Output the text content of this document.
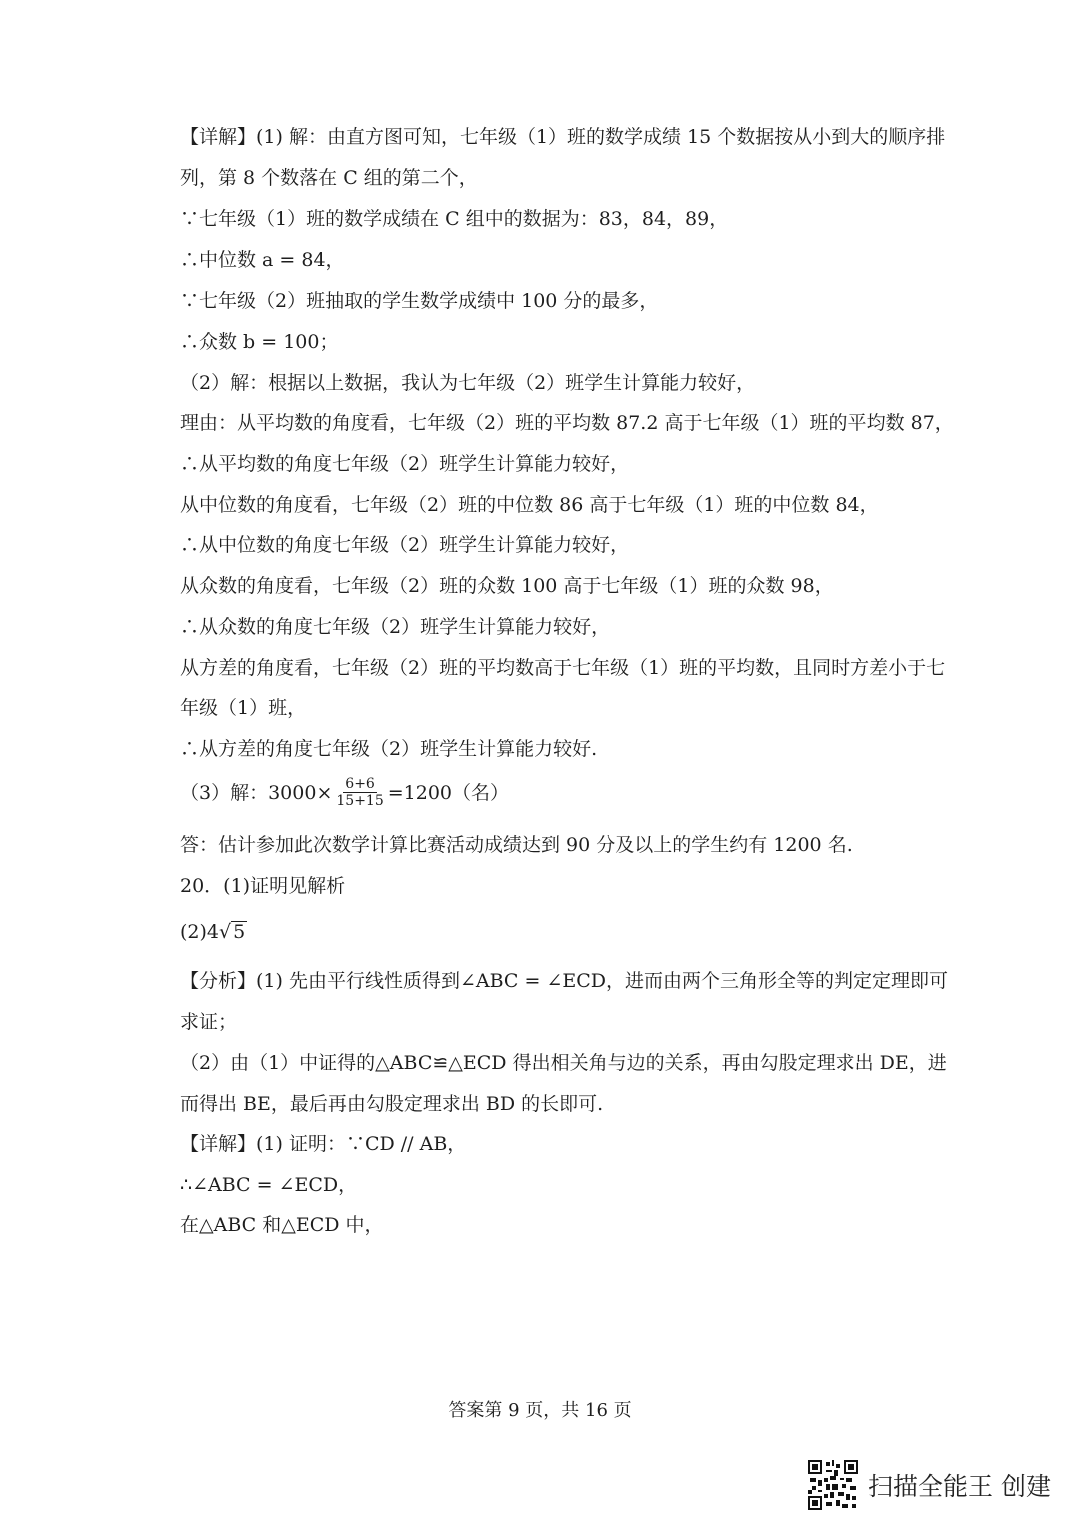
【详解】(1) 解：由直方图可知，七年级（1）班的数学成绩 15 个数据按从小到大的顺序排
列，第 8 个数落在 C 组的第二个，
∵七年级（1）班的数学成绩在 C 组中的数据为：83，84，89，
∴中位数 a = 84，
∵七年级（2）班抽取的学生数学成绩中 100 分的最多，
∴众数 b = 100；
（2）解：根据以上数据，我认为七年级（2）班学生计算能力较好，
理由：从平均数的角度看，七年级（2）班的平均数 87.2 高于七年级（1）班的平均数 87，
∴从平均数的角度七年级（2）班学生计算能力较好，
从中位数的角度看，七年级（2）班的中位数 86 高于七年级（1）班的中位数 84，
∴从中位数的角度七年级（2）班学生计算能力较好，
从众数的角度看，七年级（2）班的众数 100 高于七年级（1）班的众数 98，
∴从众数的角度七年级（2）班学生计算能力较好，
从方差的角度看，七年级（2）班的平均数高于七年级（1）班的平均数，且同时方差小于七
年级（1）班，
∴从方差的角度七年级（2）班学生计算能力较好.
（3）解： $3000\times \frac{6+6}{15+15} =1200$（名）
答：估计参加此次数学计算比赛活动成绩达到 90 分及以上的学生约有 1200 名.
20．(1)证明见解析
(2)4 √ 5
【分析】(1) 先由平行线性质得到∠ABC = ∠ECD，进而由两个三角形全等的判定定理即可
求证；
（2）由（1）中证得的△ABC≌△ECD 得出相关角与边的关系，再由勾股定理求出 DE，进
而得出 BE，最后再由勾股定理求出 BD 的长即可.
【详解】(1) 证明：∵CD // AB，
∴∠ABC = ∠ECD，
在△ABC 和△ECD 中，
答案第 9 页，共 16 页
扫描全能王 创建
